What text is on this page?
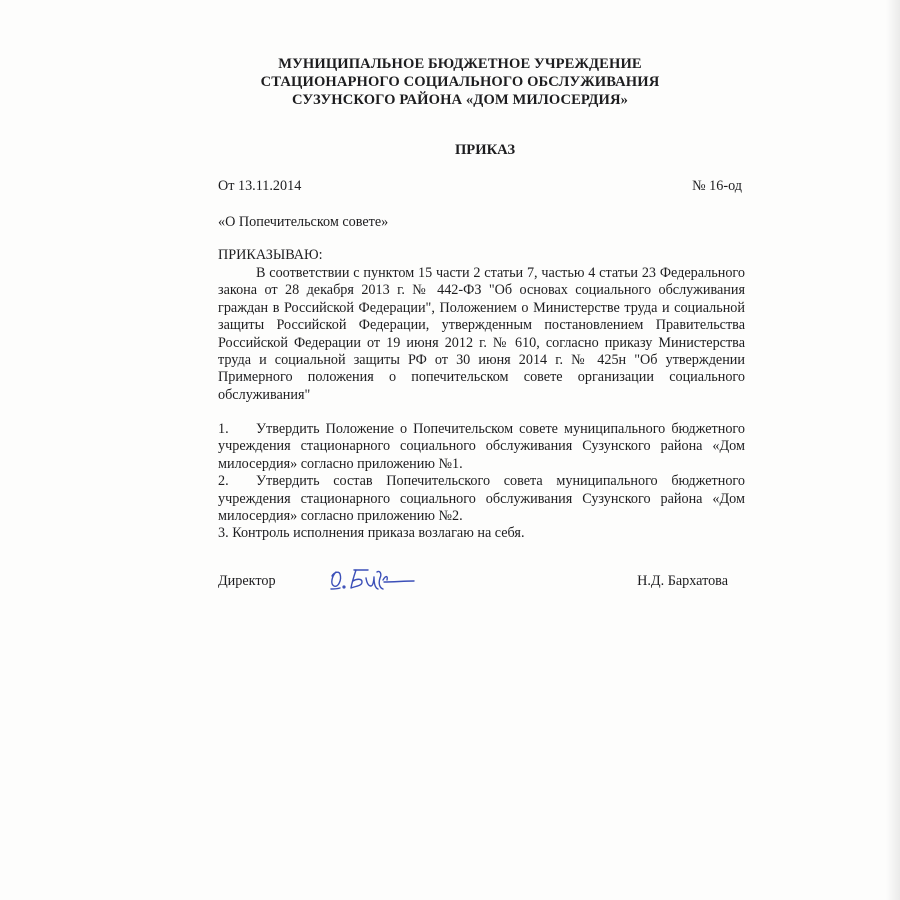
МУНИЦИПАЛЬНОЕ БЮДЖЕТНОЕ УЧРЕЖДЕНИЕ
СТАЦИОНАРНОГО СОЦИАЛЬНОГО ОБСЛУЖИВАНИЯ
СУЗУНСКОГО РАЙОНА «ДОМ МИЛОСЕРДИЯ»
ПРИКАЗ
От 13.11.2014	№ 16-од
«О Попечительском совете»
ПРИКАЗЫВАЮ:

В соответствии с пунктом 15 части 2 статьи 7, частью 4 статьи 23 Федерального закона от 28 декабря 2013 г. № 442-ФЗ "Об основах социального обслуживания граждан в Российской Федерации", Положением о Министерстве труда и социальной защиты Российской Федерации, утвержденным постановлением Правительства Российской Федерации от 19 июня 2012 г. № 610, согласно приказу Министерства труда и социальной защиты РФ от 30 июня 2014 г. № 425н "Об утверждении Примерного положения о попечительском совете организации социального обслуживания"

1. Утвердить Положение о Попечительском совете муниципального бюджетного учреждения стационарного социального обслуживания Сузунского района «Дом милосердия» согласно приложению №1.

2. Утвердить состав Попечительского совета муниципального бюджетного учреждения стационарного социального обслуживания Сузунского района «Дом милосердия» согласно приложению №2.

3. Контроль исполнения приказа возлагаю на себя.

Директор	Н.Д. Бархатова
